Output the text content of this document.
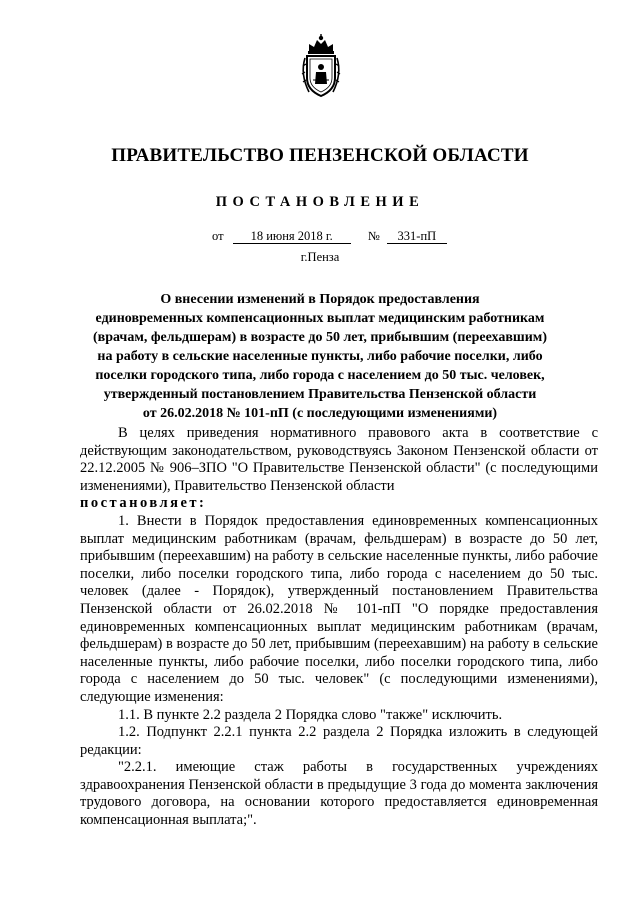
ПРАВИТЕЛЬСТВО ПЕНЗЕНСКОЙ ОБЛАСТИ
ПОСТАНОВЛЕНИЕ
от 18 июня 2018 г.	№ 331-пП
г.Пенза
О внесении изменений в Порядок предоставления
единовременных компенсационных выплат медицинским работникам
(врачам, фельдшерам) в возрасте до 50 лет, прибывшим (переехавшим)
на работу в сельские населенные пункты, либо рабочие поселки, либо
поселки городского типа, либо города с населением до 50 тыс. человек,
утвержденный постановлением Правительства Пензенской области
от 26.02.2018 № 101-пП (с последующими изменениями)

В целях приведения нормативного правового акта в соответствие с действующим законодательством, руководствуясь Законом Пензенской области от 22.12.2005 № 906–ЗПО "О Правительстве Пензенской области" (с последующими изменениями), Правительство Пензенской области

постановляет:

1. Внести в Порядок предоставления единовременных компенсационных выплат медицинским работникам (врачам, фельдшерам) в возрасте до 50 лет, прибывшим (переехавшим) на работу в сельские населенные пункты, либо рабочие поселки, либо поселки городского типа, либо города с населением до 50 тыс. человек (далее - Порядок), утвержденный постановлением Правительства Пензенской области от 26.02.2018 № 101-пП "О порядке предоставления единовременных компенсационных выплат медицинским работникам (врачам, фельдшерам) в возрасте до 50 лет, прибывшим (переехавшим) на работу в сельские населенные пункты, либо рабочие поселки, либо поселки городского типа, либо города с населением до 50 тыс. человек" (с последующими изменениями), следующие изменения:

1.1. В пункте 2.2 раздела 2 Порядка слово "также" исключить.

1.2. Подпункт 2.2.1 пункта 2.2 раздела 2 Порядка изложить в следующей редакции:

"2.2.1. имеющие стаж работы в государственных учреждениях здравоохранения Пензенской области в предыдущие 3 года до момента заключения трудового договора, на основании которого предоставляется единовременная компенсационная выплата;".
